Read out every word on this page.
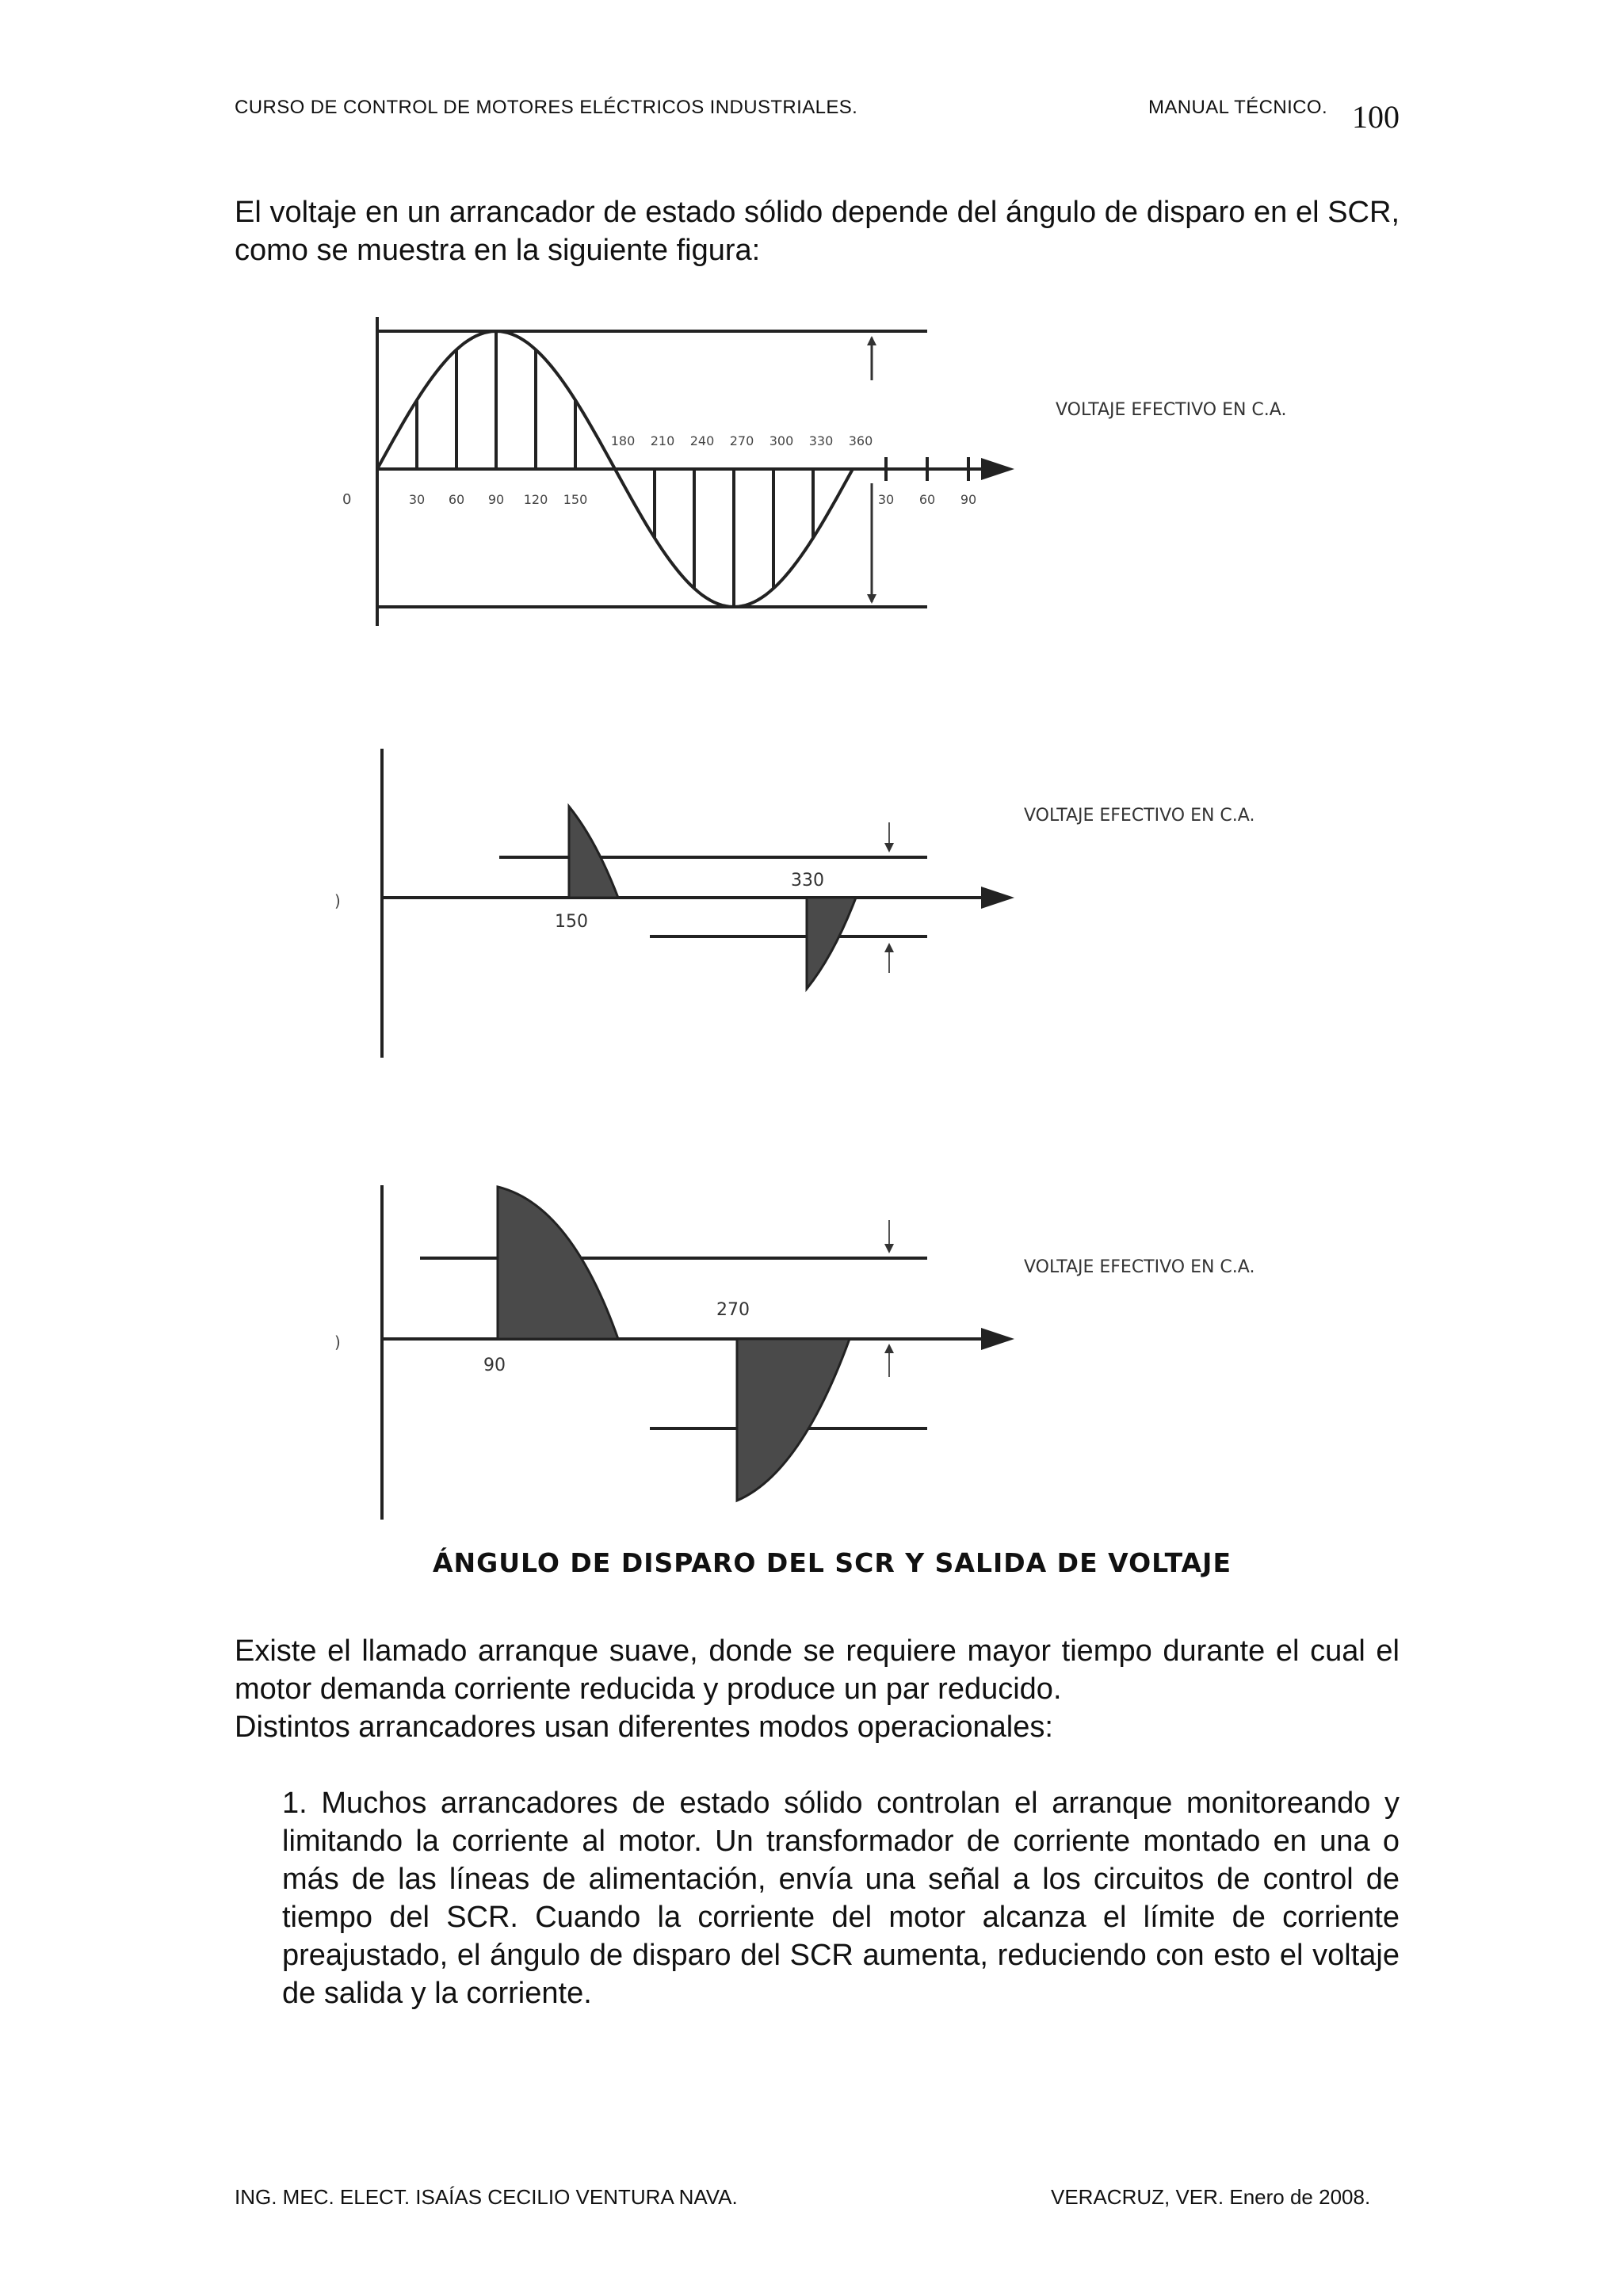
CURSO DE CONTROL DE MOTORES ELÉCTRICOS INDUSTRIALES.	MANUAL TÉCNICO. 100
El voltaje en un arrancador de estado sólido depende del ángulo de disparo en el SCR, como se muestra en la siguiente figura:
0	30 60 90 120 150
180 210 240 270 300 330 360
30 60 90
VOLTAJE EFECTIVO EN C.A.
)
150
330
VOLTAJE EFECTIVO EN C.A.
)
90
270
VOLTAJE EFECTIVO EN C.A.
ÁNGULO DE DISPARO DEL SCR Y SALIDA DE VOLTAJE
Existe el llamado arranque suave, donde se requiere mayor tiempo durante el cual el motor demanda corriente reducida y produce un par reducido.
Distintos arrancadores usan diferentes modos operacionales:
1. Muchos arrancadores de estado sólido controlan el arranque monitoreando y limitando la corriente al motor. Un transformador de corriente montado en una o más de las líneas de alimentación, envía una señal a los circuitos de control de tiempo del SCR. Cuando la corriente del motor alcanza el límite de corriente preajustado, el ángulo de disparo del SCR aumenta, reduciendo con esto el voltaje de salida y la corriente.
ING. MEC. ELECT. ISAÍAS CECILIO VENTURA NAVA.	VERACRUZ, VER. Enero de 2008.
